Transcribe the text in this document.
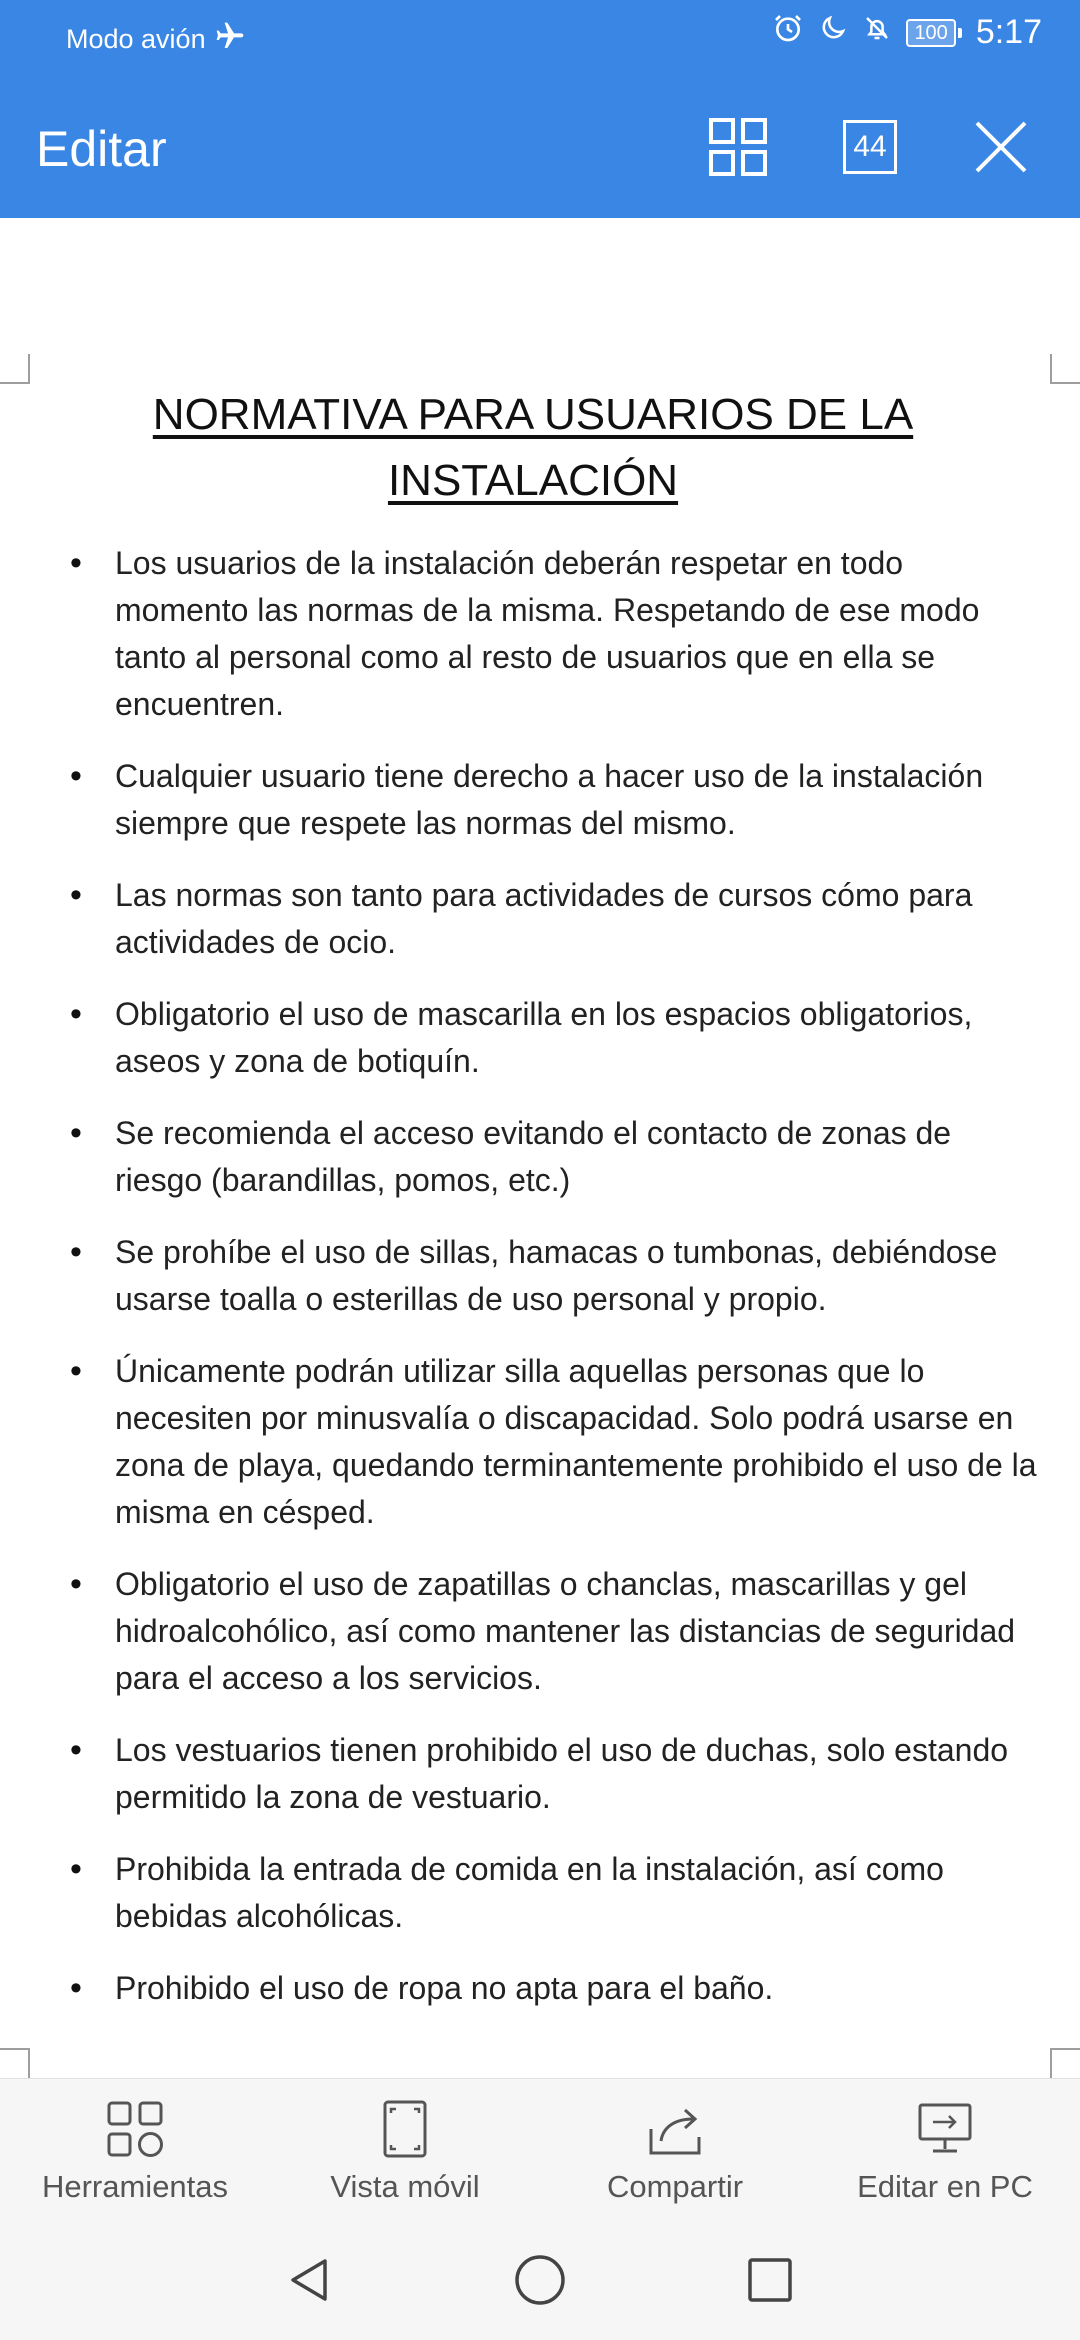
Modo avión	100 5:17
Editar	44
NORMATIVA PARA USUARIOS DE LA INSTALACIÓN
• Los usuarios de la instalación deberán respetar en todo momento las normas de la misma. Respetando de ese modo tanto al personal como al resto de usuarios que en ella se encuentren.
• Cualquier usuario tiene derecho a hacer uso de la instalación siempre que respete las normas del mismo.
• Las normas son tanto para actividades de cursos cómo para actividades de ocio.
• Obligatorio el uso de mascarilla en los espacios obligatorios, aseos y zona de botiquín.
• Se recomienda el acceso evitando el contacto de zonas de riesgo (barandillas, pomos, etc.)
• Se prohíbe el uso de sillas, hamacas o tumbonas, debiéndose usarse toalla o esterillas de uso personal y propio.
• Únicamente podrán utilizar silla aquellas personas que lo necesiten por minusvalía o discapacidad. Solo podrá usarse en zona de playa, quedando terminantemente prohibido el uso de la misma en césped.
• Obligatorio el uso de zapatillas o chanclas, mascarillas y gel hidroalcohólico, así como mantener las distancias de seguridad para el acceso a los servicios.
• Los vestuarios tienen prohibido el uso de duchas, solo estando permitido la zona de vestuario.
• Prohibida la entrada de comida en la instalación, así como bebidas alcohólicas.
• Prohibido el uso de ropa no apta para el baño.
Herramientas	Vista móvil	Compartir	Editar en PC
